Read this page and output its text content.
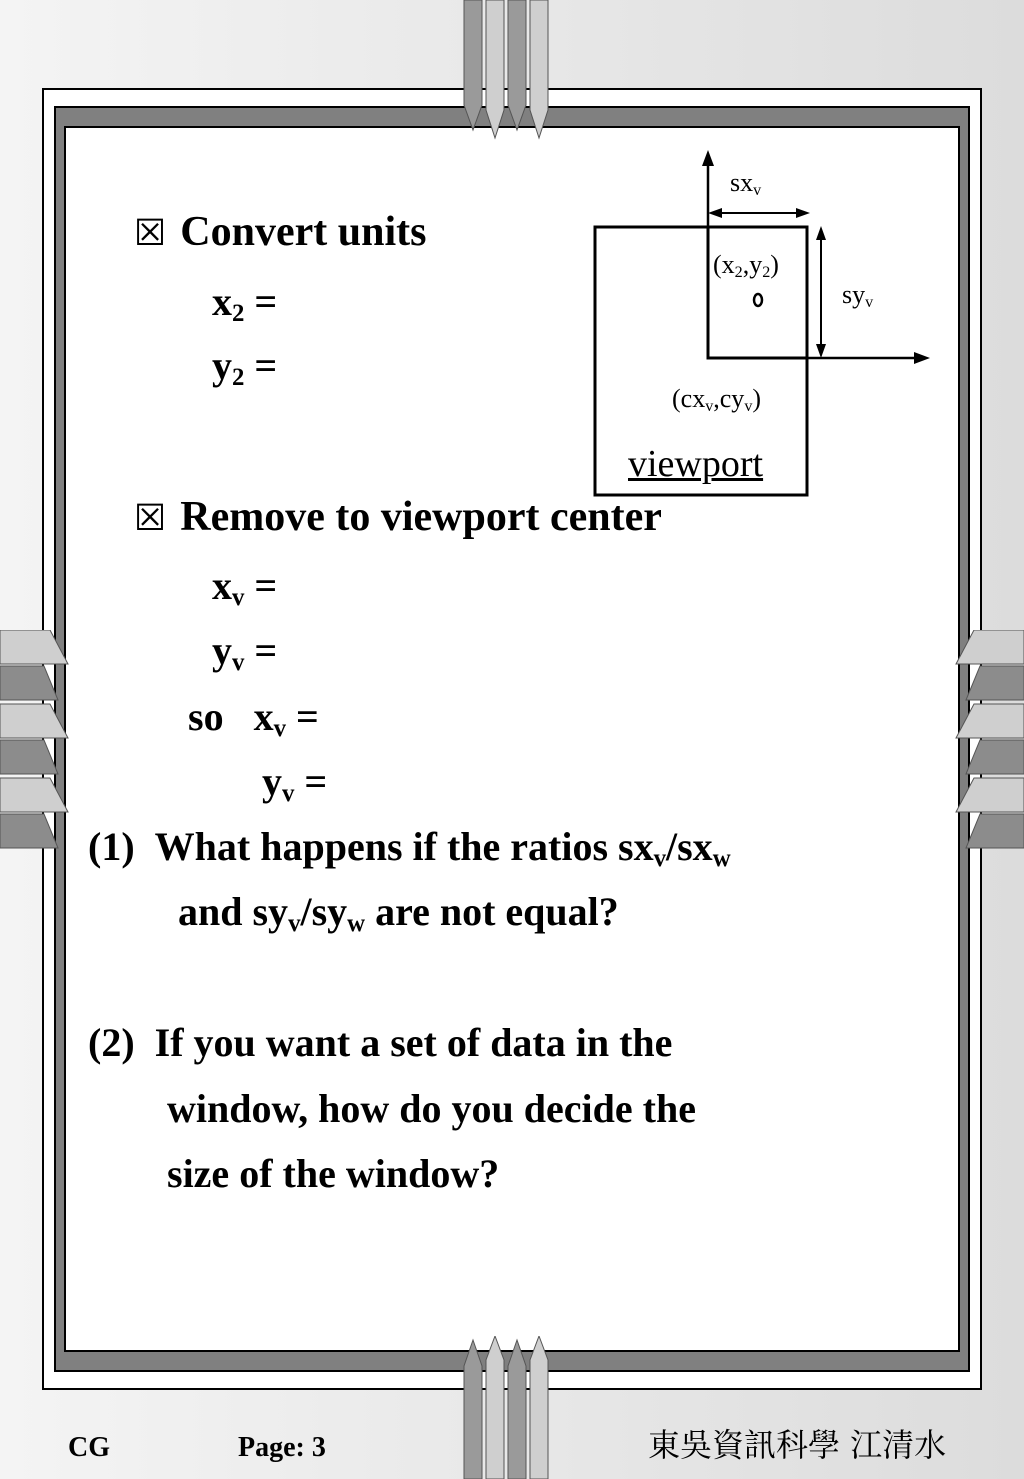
☒ Convert units
$x_2$ =
$y_2$ =
☒ Remove to viewport center
$x_v$ =
$y_v$ =
so $x_v$ =
$y_v$ =
$sx_v$
$sy_v$
$(x_2,y_2)$
$(cx_v,cy_v)$
viewport
(1) What happens if the ratios $sx_v/sx_w$
and $sy_v/sy_w$ are not equal?
(2) If you want a set of data in the
window, how do you decide the
size of the window?
CG	Page: 3	東吳資訊科學 江清水
